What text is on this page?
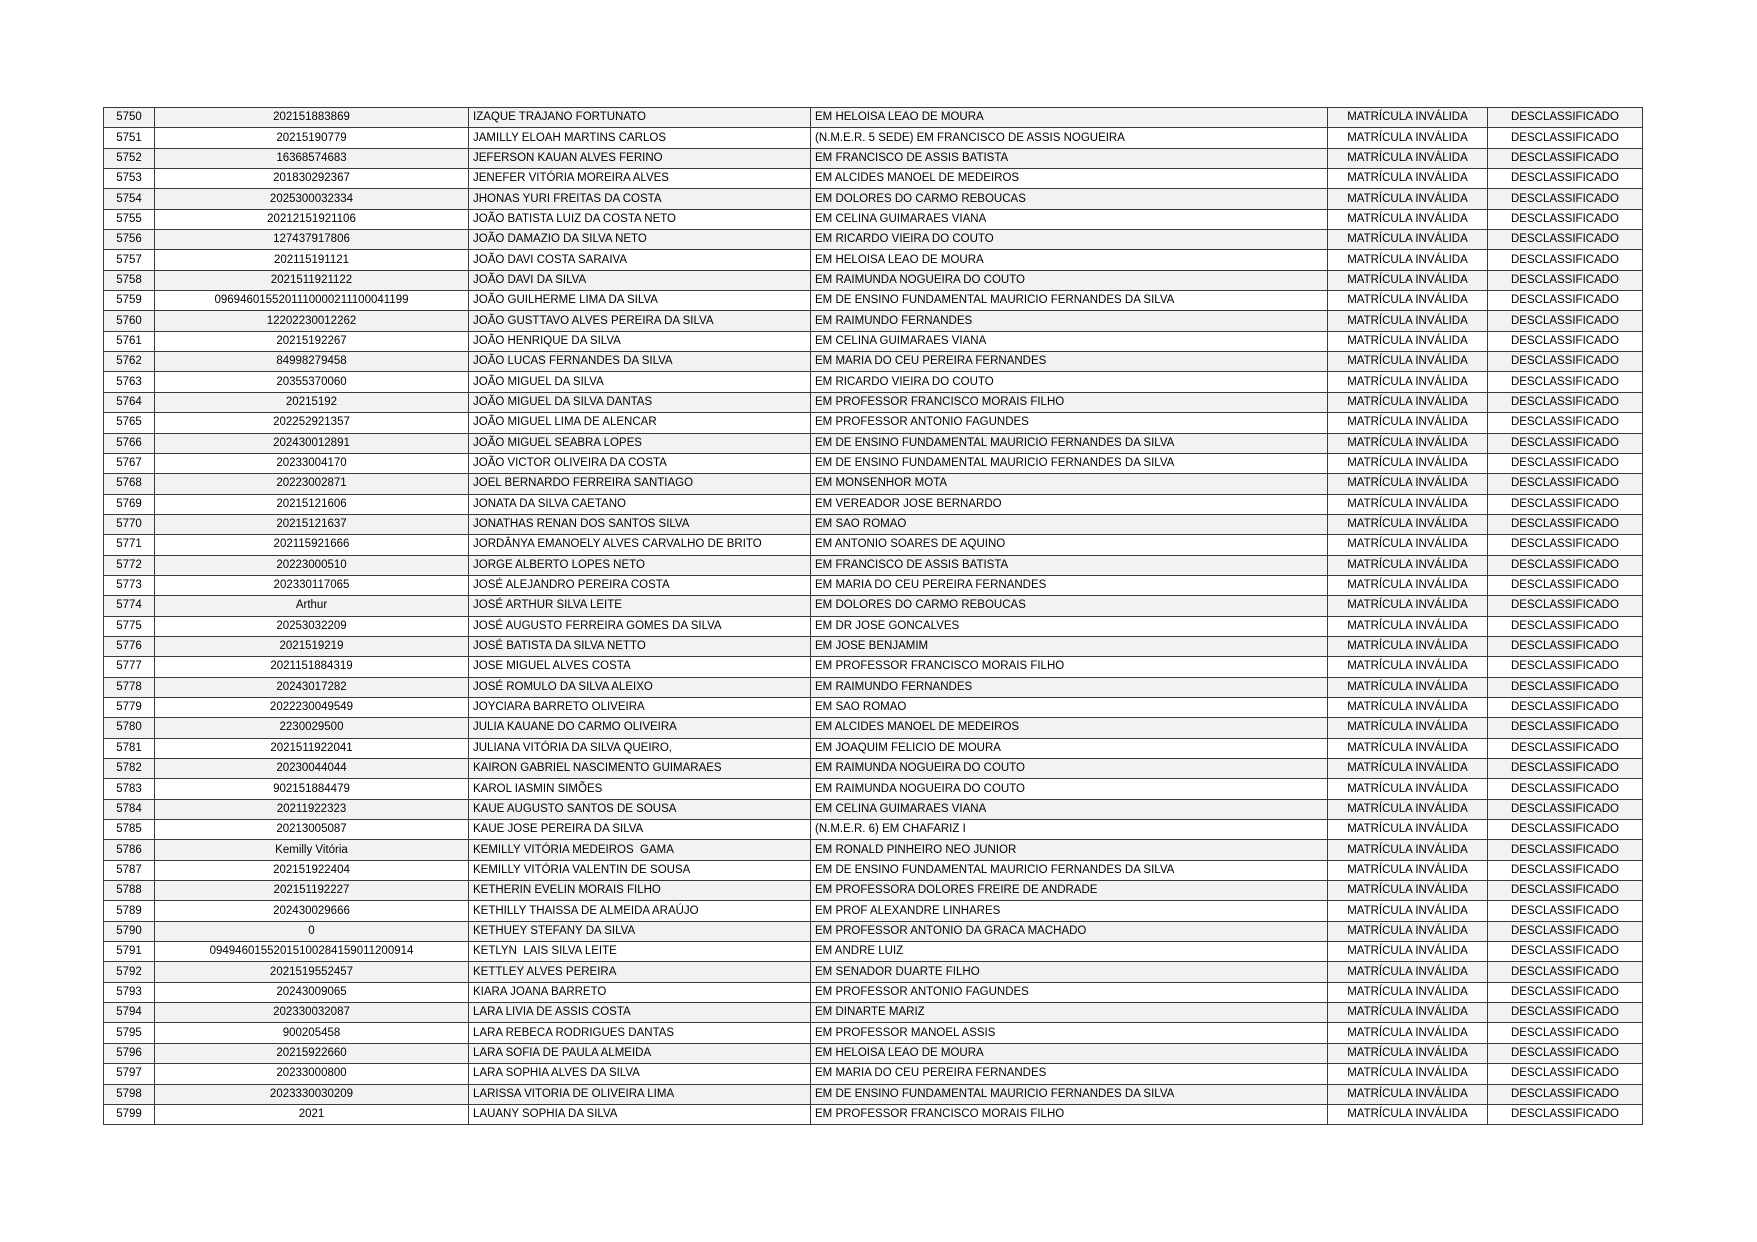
5750	202151883869	IZAQUE TRAJANO FORTUNATO	EM HELOISA LEAO DE MOURA	MATRÍCULA INVÁLIDA	DESCLASSIFICADO
5751	20215190779	JAMILLY ELOAH MARTINS CARLOS	(N.M.E.R. 5 SEDE) EM FRANCISCO DE ASSIS NOGUEIRA	MATRÍCULA INVÁLIDA	DESCLASSIFICADO
5752	16368574683	JEFERSON KAUAN ALVES FERINO	EM FRANCISCO DE ASSIS BATISTA	MATRÍCULA INVÁLIDA	DESCLASSIFICADO
5753	201830292367	JENEFER VITÓRIA MOREIRA ALVES	EM ALCIDES MANOEL DE MEDEIROS	MATRÍCULA INVÁLIDA	DESCLASSIFICADO
5754	2025300032334	JHONAS YURI FREITAS DA COSTA	EM DOLORES DO CARMO REBOUCAS	MATRÍCULA INVÁLIDA	DESCLASSIFICADO
5755	20212151921106	JOÃO BATISTA LUIZ DA COSTA NETO	EM CELINA GUIMARAES VIANA	MATRÍCULA INVÁLIDA	DESCLASSIFICADO
5756	127437917806	JOÃO DAMAZIO DA SILVA NETO	EM RICARDO VIEIRA DO COUTO	MATRÍCULA INVÁLIDA	DESCLASSIFICADO
5757	202115191121	JOÃO DAVI COSTA SARAIVA	EM HELOISA LEAO DE MOURA	MATRÍCULA INVÁLIDA	DESCLASSIFICADO
5758	2021511921122	JOÃO DAVI DA SILVA	EM RAIMUNDA NOGUEIRA DO COUTO	MATRÍCULA INVÁLIDA	DESCLASSIFICADO
5759	0969460155201110000211100041199	JOÃO GUILHERME LIMA DA SILVA	EM DE ENSINO FUNDAMENTAL MAURICIO FERNANDES DA SILVA	MATRÍCULA INVÁLIDA	DESCLASSIFICADO
5760	12202230012262	JOÃO GUSTTAVO ALVES PEREIRA DA SILVA	EM RAIMUNDO FERNANDES	MATRÍCULA INVÁLIDA	DESCLASSIFICADO
5761	20215192267	JOÃO HENRIQUE DA SILVA	EM CELINA GUIMARAES VIANA	MATRÍCULA INVÁLIDA	DESCLASSIFICADO
5762	84998279458	JOÃO LUCAS FERNANDES DA SILVA	EM MARIA DO CEU PEREIRA FERNANDES	MATRÍCULA INVÁLIDA	DESCLASSIFICADO
5763	20355370060	JOÃO MIGUEL DA SILVA	EM RICARDO VIEIRA DO COUTO	MATRÍCULA INVÁLIDA	DESCLASSIFICADO
5764	20215192	JOÃO MIGUEL DA SILVA DANTAS	EM PROFESSOR FRANCISCO MORAIS FILHO	MATRÍCULA INVÁLIDA	DESCLASSIFICADO
5765	202252921357	JOÃO MIGUEL LIMA DE ALENCAR	EM PROFESSOR ANTONIO FAGUNDES	MATRÍCULA INVÁLIDA	DESCLASSIFICADO
5766	202430012891	JOÃO MIGUEL SEABRA LOPES	EM DE ENSINO FUNDAMENTAL MAURICIO FERNANDES DA SILVA	MATRÍCULA INVÁLIDA	DESCLASSIFICADO
5767	20233004170	JOÃO VICTOR OLIVEIRA DA COSTA	EM DE ENSINO FUNDAMENTAL MAURICIO FERNANDES DA SILVA	MATRÍCULA INVÁLIDA	DESCLASSIFICADO
5768	20223002871	JOEL BERNARDO FERREIRA SANTIAGO	EM MONSENHOR MOTA	MATRÍCULA INVÁLIDA	DESCLASSIFICADO
5769	20215121606	JONATA DA SILVA CAETANO	EM VEREADOR JOSE BERNARDO	MATRÍCULA INVÁLIDA	DESCLASSIFICADO
5770	20215121637	JONATHAS RENAN DOS SANTOS SILVA	EM SAO ROMAO	MATRÍCULA INVÁLIDA	DESCLASSIFICADO
5771	202115921666	JORDÂNYA EMANOELY ALVES CARVALHO DE BRITO	EM ANTONIO SOARES DE AQUINO	MATRÍCULA INVÁLIDA	DESCLASSIFICADO
5772	20223000510	JORGE ALBERTO LOPES NETO	EM FRANCISCO DE ASSIS BATISTA	MATRÍCULA INVÁLIDA	DESCLASSIFICADO
5773	202330117065	JOSÉ ALEJANDRO PEREIRA COSTA	EM MARIA DO CEU PEREIRA FERNANDES	MATRÍCULA INVÁLIDA	DESCLASSIFICADO
5774	Arthur	JOSÉ ARTHUR SILVA LEITE	EM DOLORES DO CARMO REBOUCAS	MATRÍCULA INVÁLIDA	DESCLASSIFICADO
5775	20253032209	JOSÉ AUGUSTO FERREIRA GOMES DA SILVA	EM DR JOSE GONCALVES	MATRÍCULA INVÁLIDA	DESCLASSIFICADO
5776	2021519219	JOSÉ BATISTA DA SILVA NETTO	EM JOSE BENJAMIM	MATRÍCULA INVÁLIDA	DESCLASSIFICADO
5777	2021151884319	JOSE MIGUEL ALVES COSTA	EM PROFESSOR FRANCISCO MORAIS FILHO	MATRÍCULA INVÁLIDA	DESCLASSIFICADO
5778	20243017282	JOSÉ ROMULO DA SILVA ALEIXO	EM RAIMUNDO FERNANDES	MATRÍCULA INVÁLIDA	DESCLASSIFICADO
5779	2022230049549	JOYCIARA BARRETO OLIVEIRA	EM SAO ROMAO	MATRÍCULA INVÁLIDA	DESCLASSIFICADO
5780	2230029500	JULIA KAUANE DO CARMO OLIVEIRA	EM ALCIDES MANOEL DE MEDEIROS	MATRÍCULA INVÁLIDA	DESCLASSIFICADO
5781	2021511922041	JULIANA VITÓRIA DA SILVA QUEIRO,	EM JOAQUIM FELICIO DE MOURA	MATRÍCULA INVÁLIDA	DESCLASSIFICADO
5782	20230044044	KAIRON GABRIEL NASCIMENTO GUIMARAES	EM RAIMUNDA NOGUEIRA DO COUTO	MATRÍCULA INVÁLIDA	DESCLASSIFICADO
5783	902151884479	KAROL IASMIN SIMÕES	EM RAIMUNDA NOGUEIRA DO COUTO	MATRÍCULA INVÁLIDA	DESCLASSIFICADO
5784	20211922323	KAUE AUGUSTO SANTOS DE SOUSA	EM CELINA GUIMARAES VIANA	MATRÍCULA INVÁLIDA	DESCLASSIFICADO
5785	20213005087	KAUE JOSE PEREIRA DA SILVA	(N.M.E.R. 6) EM CHAFARIZ I	MATRÍCULA INVÁLIDA	DESCLASSIFICADO
5786	Kemilly Vitória	KEMILLY VITÓRIA MEDEIROS  GAMA	EM RONALD PINHEIRO NEO JUNIOR	MATRÍCULA INVÁLIDA	DESCLASSIFICADO
5787	202151922404	KEMILLY VITÓRIA VALENTIN DE SOUSA	EM DE ENSINO FUNDAMENTAL MAURICIO FERNANDES DA SILVA	MATRÍCULA INVÁLIDA	DESCLASSIFICADO
5788	202151192227	KETHERIN EVELIN MORAIS FILHO	EM PROFESSORA DOLORES FREIRE DE ANDRADE	MATRÍCULA INVÁLIDA	DESCLASSIFICADO
5789	202430029666	KETHILLY THAISSA DE ALMEIDA ARAÚJO	EM PROF ALEXANDRE LINHARES	MATRÍCULA INVÁLIDA	DESCLASSIFICADO
5790	0	KETHUEY STEFANY DA SILVA	EM PROFESSOR ANTONIO DA GRACA MACHADO	MATRÍCULA INVÁLIDA	DESCLASSIFICADO
5791	09494601552015100284159011200914	KETLYN  LAIS SILVA LEITE	EM ANDRE LUIZ	MATRÍCULA INVÁLIDA	DESCLASSIFICADO
5792	2021519552457	KETTLEY ALVES PEREIRA	EM SENADOR DUARTE FILHO	MATRÍCULA INVÁLIDA	DESCLASSIFICADO
5793	20243009065	KIARA JOANA BARRETO	EM PROFESSOR ANTONIO FAGUNDES	MATRÍCULA INVÁLIDA	DESCLASSIFICADO
5794	202330032087	LARA LIVIA DE ASSIS COSTA	EM DINARTE MARIZ	MATRÍCULA INVÁLIDA	DESCLASSIFICADO
5795	900205458	LARA REBECA RODRIGUES DANTAS	EM PROFESSOR MANOEL ASSIS	MATRÍCULA INVÁLIDA	DESCLASSIFICADO
5796	20215922660	LARA SOFIA DE PAULA ALMEIDA	EM HELOISA LEAO DE MOURA	MATRÍCULA INVÁLIDA	DESCLASSIFICADO
5797	20233000800	LARA SOPHIA ALVES DA SILVA	EM MARIA DO CEU PEREIRA FERNANDES	MATRÍCULA INVÁLIDA	DESCLASSIFICADO
5798	2023330030209	LARISSA VITORIA DE OLIVEIRA LIMA	EM DE ENSINO FUNDAMENTAL MAURICIO FERNANDES DA SILVA	MATRÍCULA INVÁLIDA	DESCLASSIFICADO
5799	2021	LAUANY SOPHIA DA SILVA	EM PROFESSOR FRANCISCO MORAIS FILHO	MATRÍCULA INVÁLIDA	DESCLASSIFICADO
